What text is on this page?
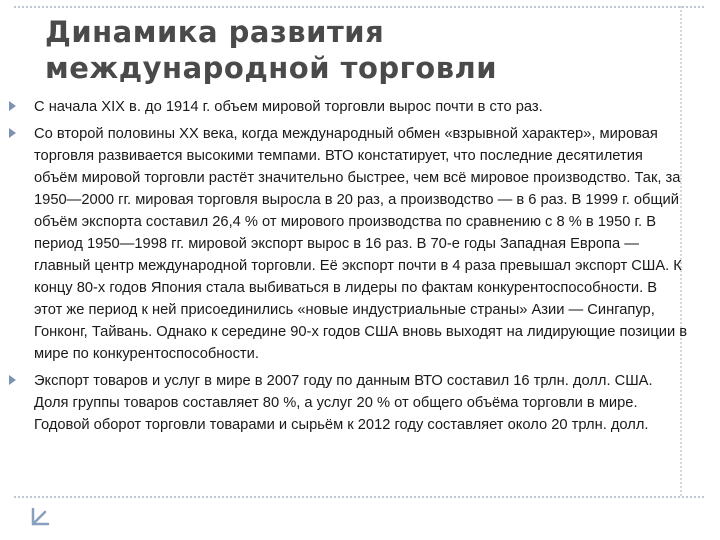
Динамика развития
международной торговли
С начала XIX в. до 1914 г. объем мировой торговли вырос почти в сто раз.
Со второй половины XX века, когда международный обмен «взрывной характер», мировая торговля развивается высокими темпами. ВТО констатирует, что последние десятилетия объём мировой торговли растёт значительно быстрее, чем всё мировое производство. Так, за 1950—2000 гг. мировая торговля выросла в 20 раз, а производство — в 6 раз. В 1999 г. общий объём экспорта составил 26,4 % от мирового производства по сравнению с 8 % в 1950 г. В период 1950—1998 гг. мировой экспорт вырос в 16 раз. В 70-е годы Западная Европа — главный центр международной торговли. Её экспорт почти в 4 раза превышал экспорт США. К концу 80-х годов Япония стала выбиваться в лидеры по фактам конкурентоспособности. В этот же период к ней присоединились «новые индустриальные страны» Азии — Сингапур, Гонконг, Тайвань. Однако к середине 90-х годов США вновь выходят на лидирующие позиции в мире по конкурентоспособности.
Экспорт товаров и услуг в мире в 2007 году по данным ВТО составил 16 трлн. долл. США. Доля группы товаров составляет 80 %, а услуг 20 % от общего объёма торговли в мире. Годовой оборот торговли товарами и сырьём к 2012 году составляет около 20 трлн. долл.
